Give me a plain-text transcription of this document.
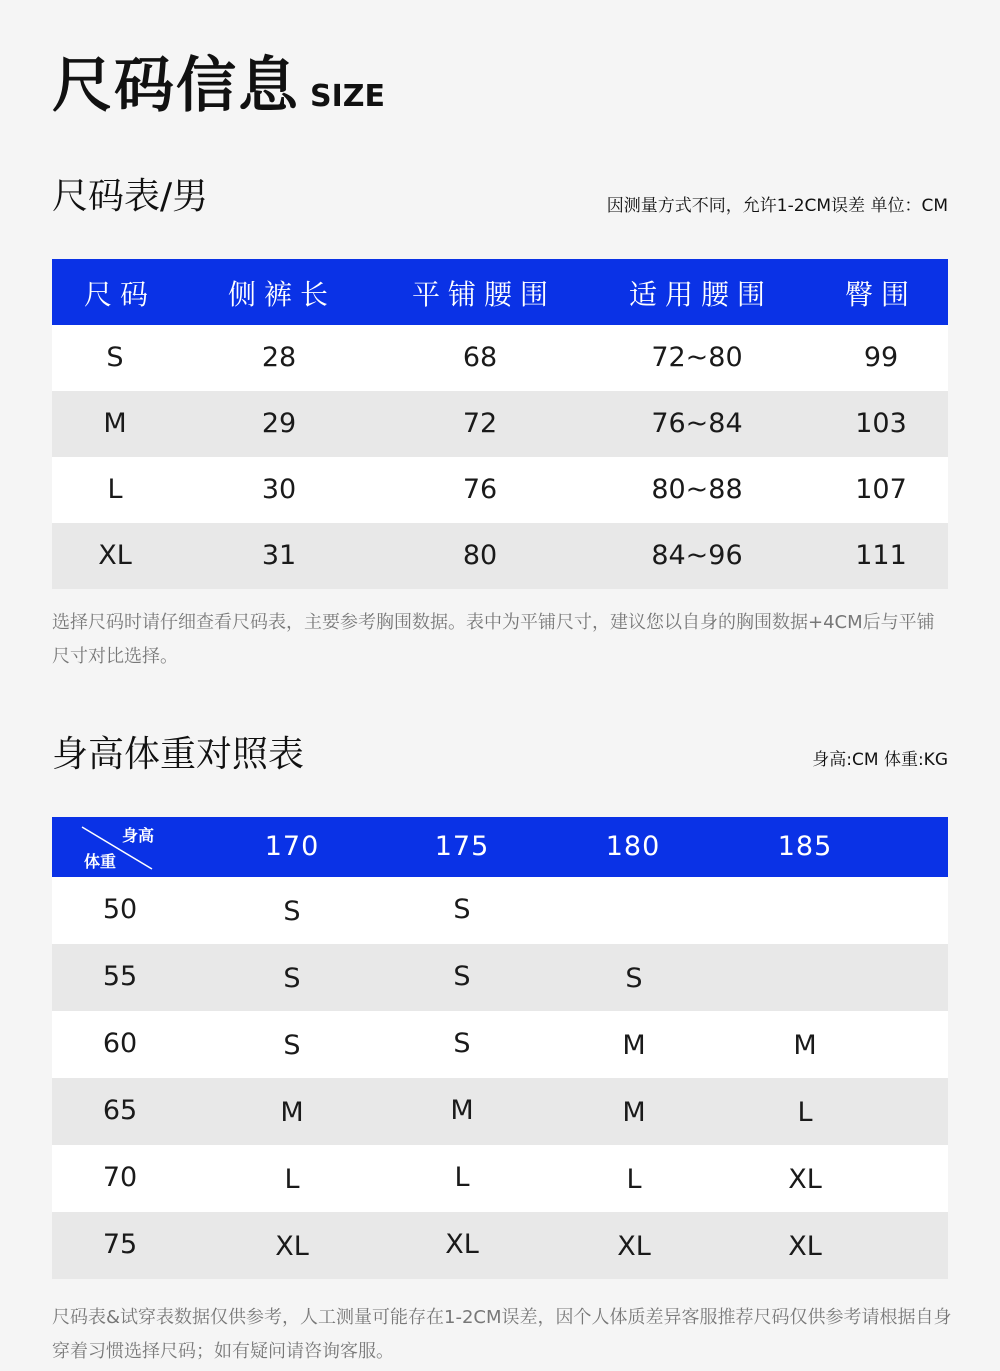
尺码信息 SIZE
尺码表/男	因测量方式不同，允许1-2CM误差 单位：CM
尺码	侧裤长	平铺腰围	适用腰围	臀围
S	28	68	72~80	99
M	29	72	76~84	103
L	30	76	80~88	107
XL	31	80	84~96	111
选择尺码时请仔细查看尺码表，主要参考胸围数据。表中为平铺尺寸，建议您以自身的胸围数据+4CM后与平铺尺寸对比选择。
身高体重对照表	身高:CM 体重:KG
身高
体重	170	175	180	185
50	S	S
55	S	S	S
60	S	S	M	M
65	M	M	M	L
70	L	L	L	XL
75	XL	XL	XL	XL
尺码表&试穿表数据仅供参考，人工测量可能存在1-2CM误差，因个人体质差异客服推荐尺码仅供参考请根据自身穿着习惯选择尺码；如有疑问请咨询客服。
